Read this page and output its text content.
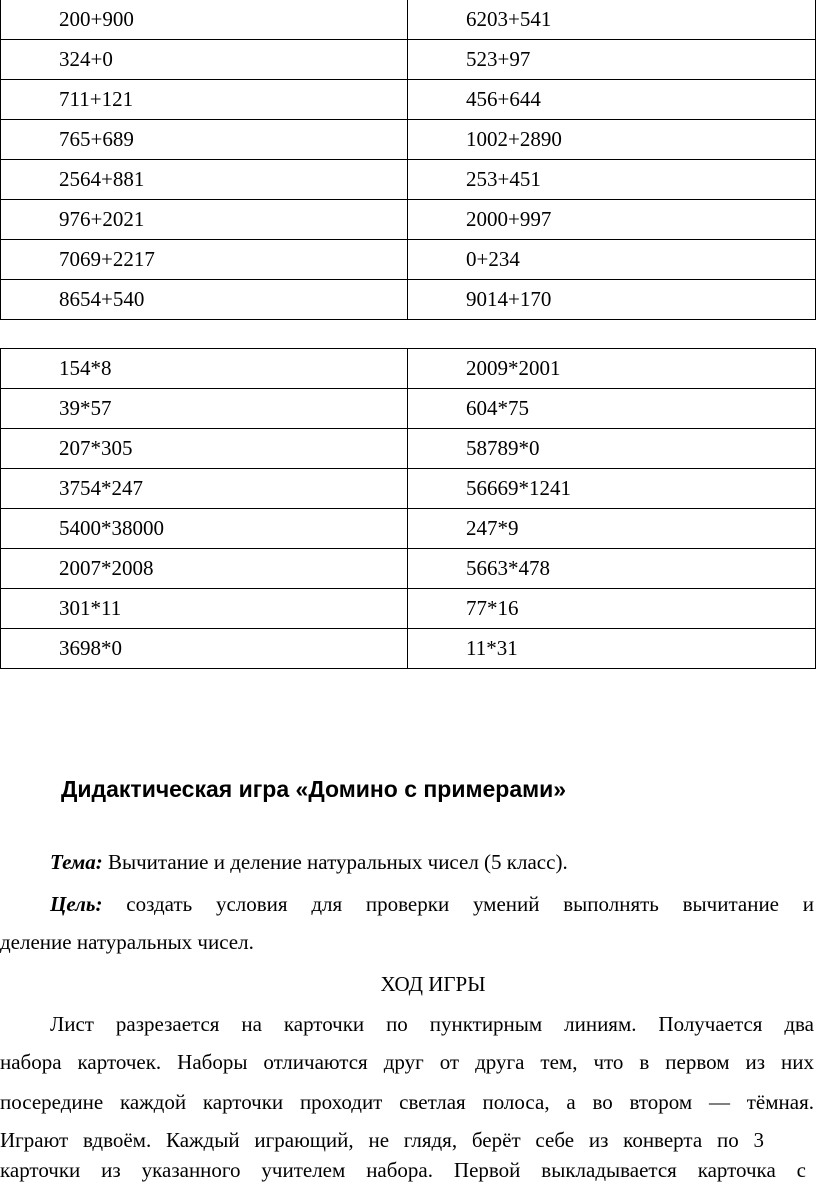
200+900	6203+541
324+0	523+97
711+121	456+644
765+689	1002+2890
2564+881	253+451
976+2021	2000+997
7069+2217	0+234
8654+540	9014+170
154*8	2009*2001
39*57	604*75
207*305	58789*0
3754*247	56669*1241
5400*38000	247*9
2007*2008	5663*478
301*11	77*16
3698*0	11*31
Дидактическая игра «Домино с примерами»
Тема: Вычитание и деление натуральных чисел (5 класс).
Цель: создать условия для проверки умений выполнять вычитание и
деление натуральных чисел.
ХОД ИГРЫ
Лист разрезается на карточки по пунктирным линиям. Получается два
набора карточек. Наборы отличаются друг от друга тем, что в первом из них
посередине каждой карточки проходит светлая полоса, а во втором — тёмная.
Играют вдвоём. Каждый играющий, не глядя, берёт себе из конверта по 3
карточки из указанного учителем набора. Первой выкладывается карточка с
